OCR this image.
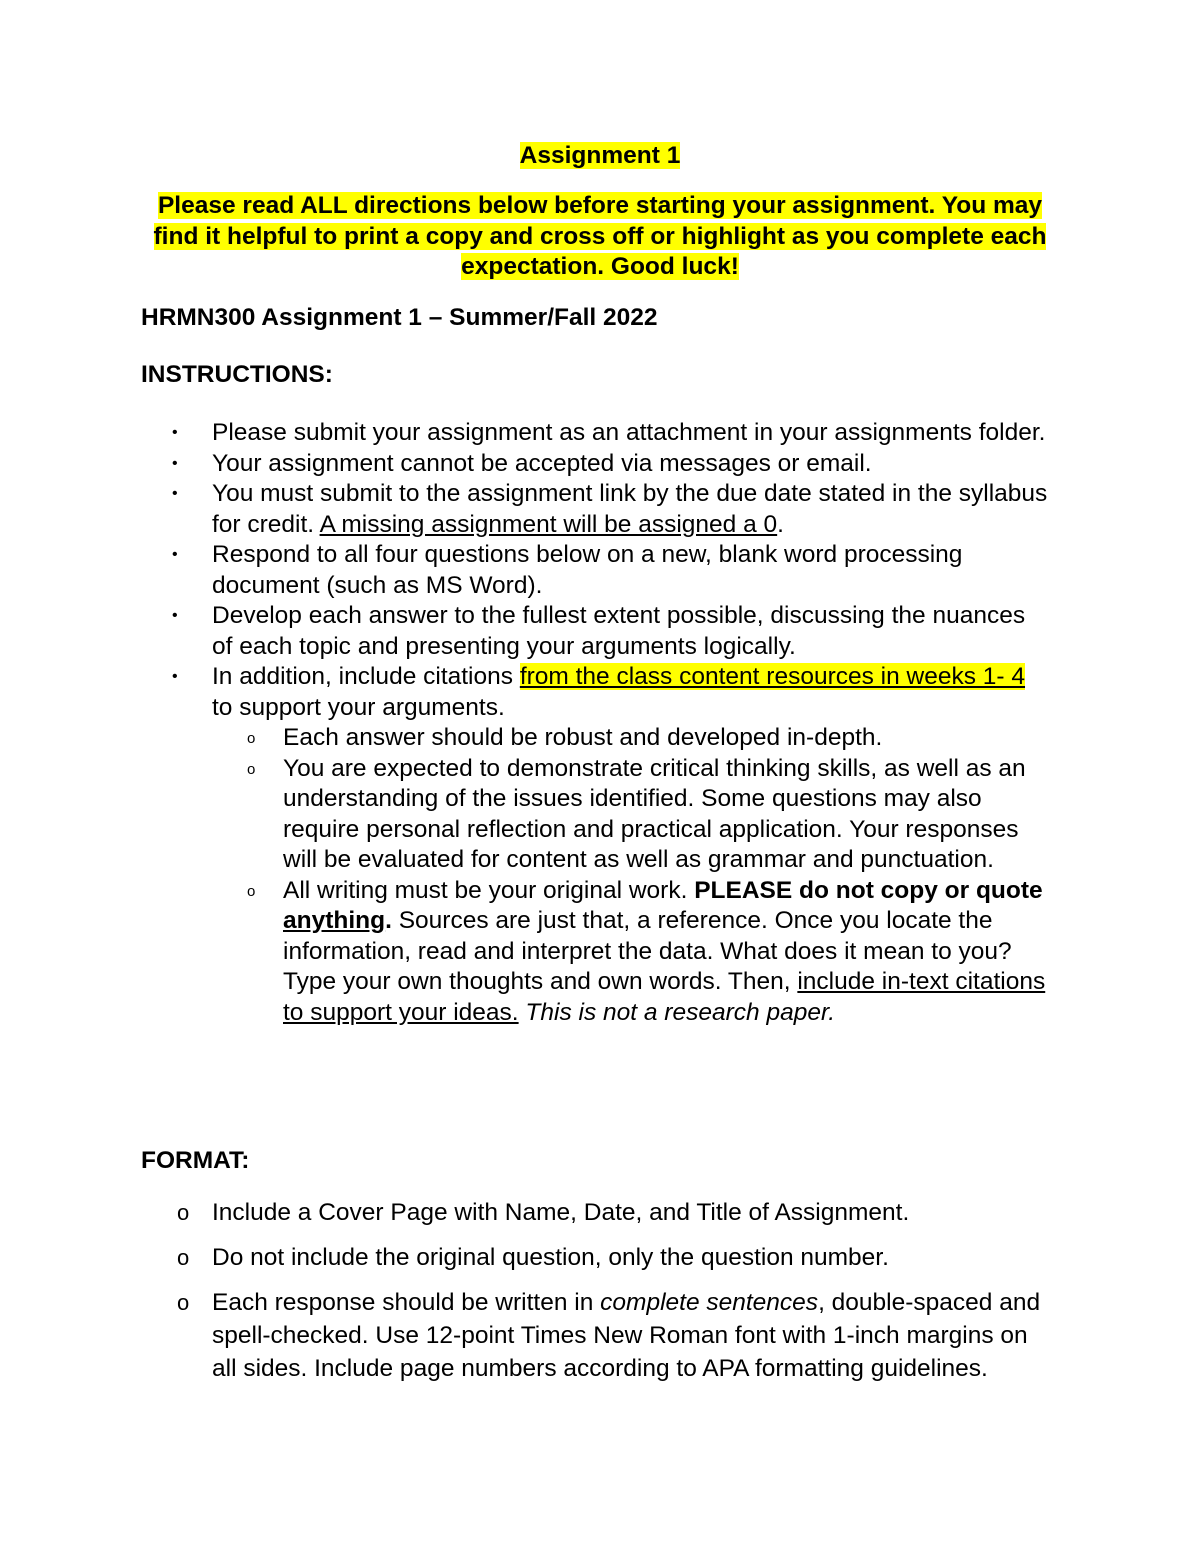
Assignment 1
Please read ALL directions below before starting your assignment. You may find it helpful to print a copy and cross off or highlight as you complete each expectation. Good luck!
HRMN300 Assignment 1 – Summer/Fall 2022
INSTRUCTIONS:
• Please submit your assignment as an attachment in your assignments folder.
• Your assignment cannot be accepted via messages or email.
• You must submit to the assignment link by the due date stated in the syllabus for credit. A missing assignment will be assigned a 0.
• Respond to all four questions below on a new, blank word processing document (such as MS Word).
• Develop each answer to the fullest extent possible, discussing the nuances of each topic and presenting your arguments logically.
• In addition, include citations from the class content resources in weeks 1- 4 to support your arguments.
o Each answer should be robust and developed in-depth.
o You are expected to demonstrate critical thinking skills, as well as an understanding of the issues identified. Some questions may also require personal reflection and practical application. Your responses will be evaluated for content as well as grammar and punctuation.
o All writing must be your original work. PLEASE do not copy or quote anything. Sources are just that, a reference. Once you locate the information, read and interpret the data. What does it mean to you? Type your own thoughts and own words. Then, include in-text citations to support your ideas. This is not a research paper.
FORMAT:
o Include a Cover Page with Name, Date, and Title of Assignment.
o Do not include the original question, only the question number.
o Each response should be written in complete sentences, double-spaced and spell-checked. Use 12-point Times New Roman font with 1-inch margins on all sides. Include page numbers according to APA formatting guidelines.
